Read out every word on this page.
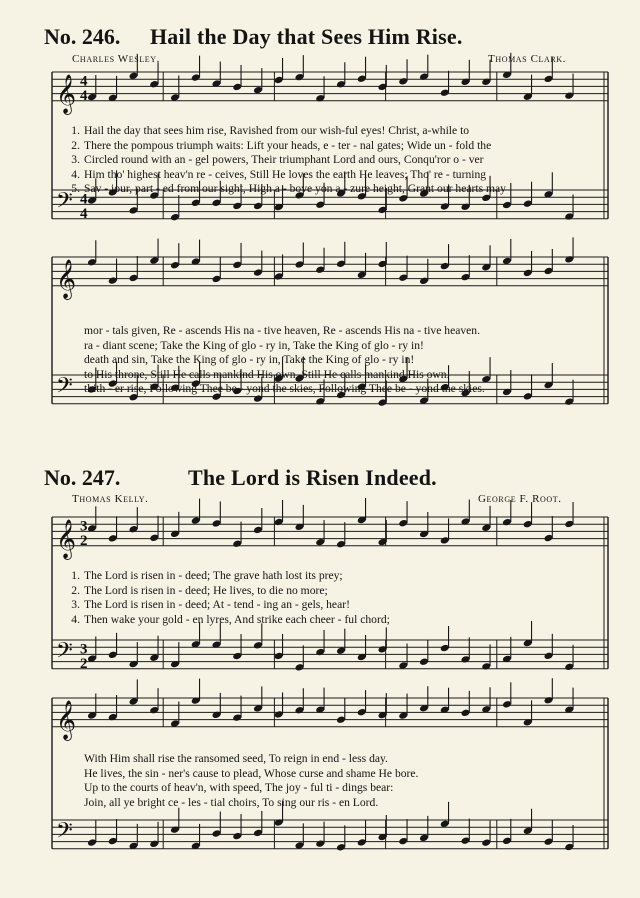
No. 246. Hail the Day that Sees Him Rise.
Charles Wesley.	Thomas Clark.
𝄞
𝄢
4
4
4
4
1. Hail the day that sees him rise, Ravished from our wish-ful eyes! Christ, a-while to
2. There the pompous triumph waits: Lift your heads, e - ter - nal gates; Wide un - fold the
3. Circled round with an - gel powers, Their triumphant Lord and ours, Conqu'ror o - ver
4. Him tho' highest heav'n re - ceives, Still He loves the earth He leaves; Tho' re - turning
5. Sav - iour, part - ed from our sight, High a - bove yon a - zure height, Grant our hearts may
𝄞
𝄢
mor - tals given, Re - ascends His na - tive heaven, Re - ascends His na - tive heaven.
ra - diant scene; Take the King of glo - ry in, Take the King of glo - ry in!
death and sin, Take the King of glo - ry in, Take the King of glo - ry in!
to His throne, Still He calls mankind His own, Still He calls mankind His own.
thith - er rise, Following Thee be - yond the skies, Following Thee be - yond the skies.
No. 247.	The Lord is Risen Indeed.
Thomas Kelly.	George F. Root.
𝄞
𝄢
3
2
3
2
1. The Lord is risen in - deed; The grave hath lost its prey;
2. The Lord is risen in - deed; He lives, to die no more;
3. The Lord is risen in - deed; At - tend - ing an - gels, hear!
4. Then wake your gold - en lyres, And strike each cheer - ful chord;
𝄞
𝄢
With Him shall rise the ransomed seed, To reign in end - less day.
He lives, the sin - ner's cause to plead, Whose curse and shame He bore.
Up to the courts of heav'n, with speed, The joy - ful ti - dings bear:
Join, all ye bright ce - les - tial choirs, To sing our ris - en Lord.
